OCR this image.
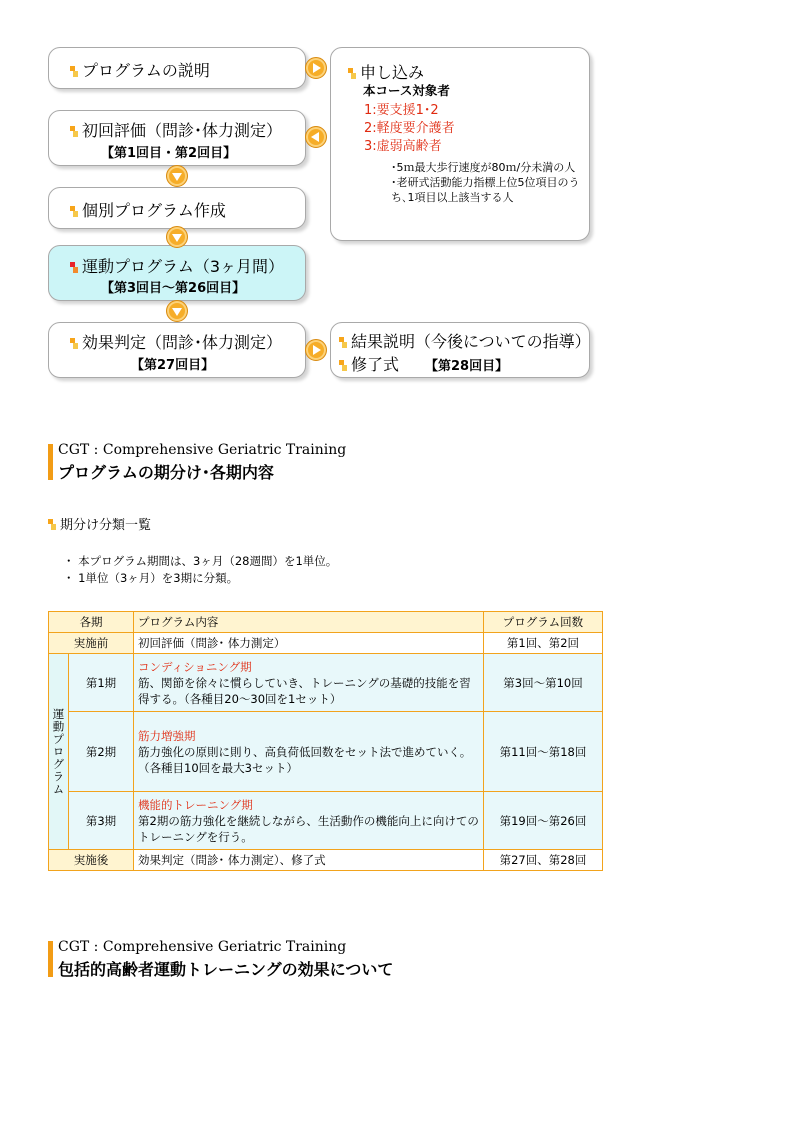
プログラムの説明
初回評価（問診･体力測定）
【第1回目・第2回目】
個別プログラム作成
運動プログラム（3ヶ月間）
【第3回目〜第26回目】
効果判定（問診･体力測定）
【第27回目】
申し込み
本コース対象者
1:要支援1･2
2:軽度要介護者
3:虚弱高齢者
･5ｍ最大歩行速度が80ｍ/分未満の人
･老研式活動能力指標上位5位項目のうち､1項目以上該当する人
結果説明（今後についての指導）
修了式 【第28回目】
CGT : Comprehensive Geriatric Training
プログラムの期分け･各期内容
期分け分類一覧
・ 本プログラム期間は、3ヶ月（28週間）を1単位。
・ 1単位（3ヶ月）を3期に分類。
各期		プログラム内容	プログラム回数
実施前		初回評価（問診･ 体力測定）	第1回、第2回

運動プログラム	第1期	コンディショニング期
筋、関節を徐々に慣らしていき、トレーニングの基礎的技能を習得する。（各種目20～30回を1セット）	第3回～第10回
	第2期	筋力増強期
筋力強化の原則に則り、高負荷低回数をセット法で進めていく。（各種目10回を最大3セット）	第11回～第18回
	第3期	機能的トレーニング期
第2期の筋力強化を継続しながら、生活動作の機能向上に向けてのトレーニングを行う。	第19回～第26回
実施後		効果判定（問診･ 体力測定）、修了式	第27回、第28回
CGT : Comprehensive Geriatric Training
包括的高齢者運動トレーニングの効果について
